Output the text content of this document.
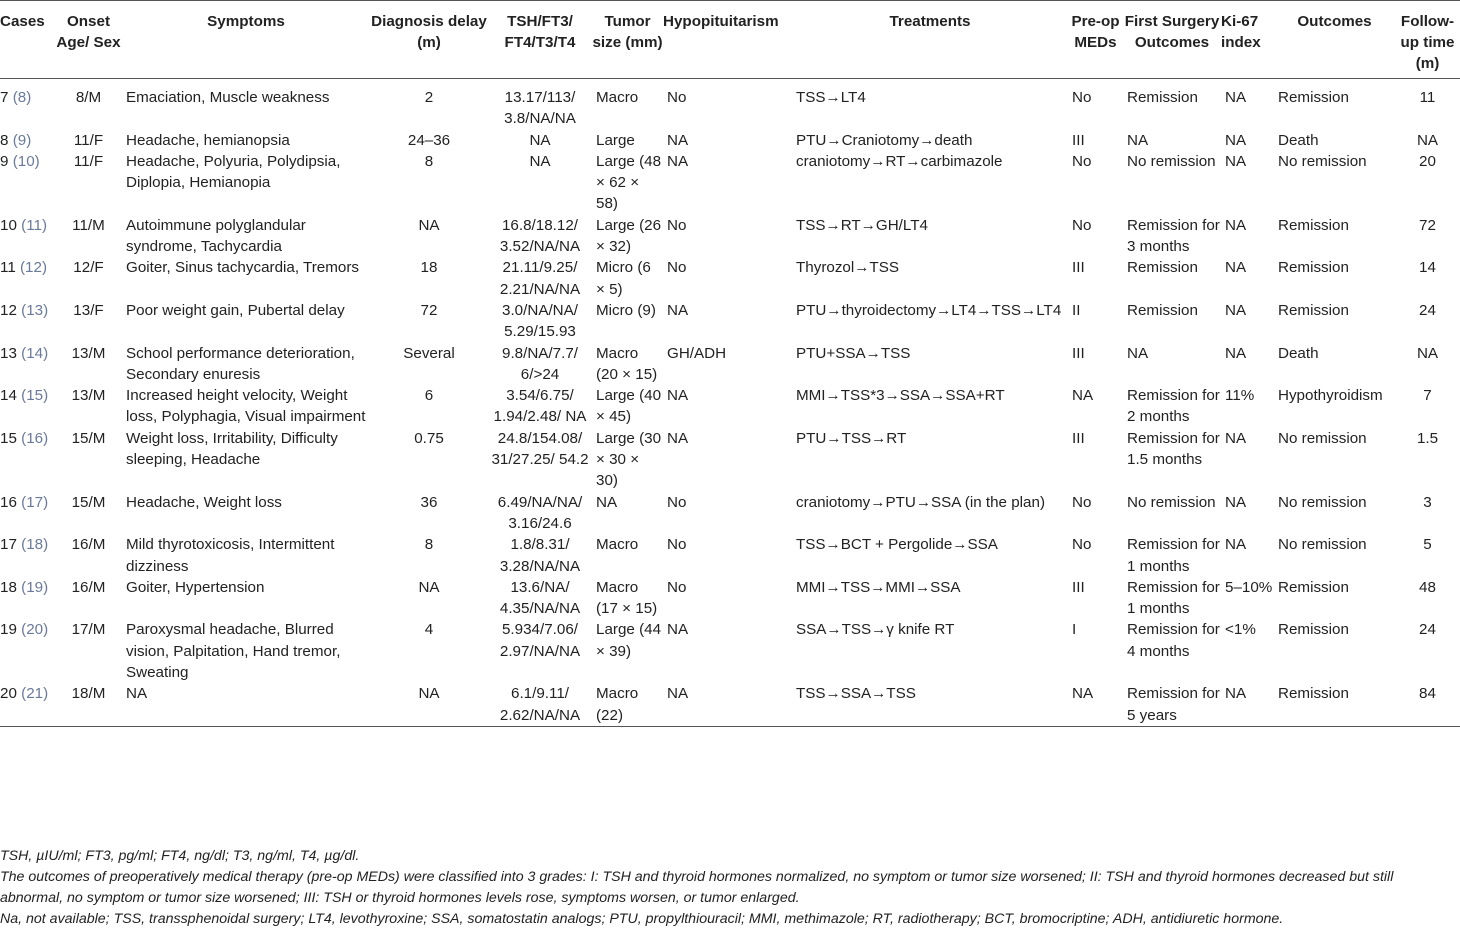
Cases	Onset Age/ Sex	Symptoms	Diagnosis delay (m)	TSH/FT3/ FT4/T3/T4	Tumor size (mm)	Hypopituitarism	Treatments	Pre-op MEDs	First Surgery Outcomes	Ki-67 index	Outcomes	Follow-up time (m)
7 (8)	8/M	Emaciation, Muscle weakness	2	13.17/113/ 3.8/NA/NA	Macro	No	TSS→LT4	No	Remission	NA	Remission	11
8 (9)	11/F	Headache, hemianopsia	24–36	NA	Large	NA	PTU→Craniotomy→death	III	NA	NA	Death	NA
9 (10)	11/F	Headache, Polyuria, Polydipsia, Diplopia, Hemianopia	8	NA	Large (48 × 62 × 58)	NA	craniotomy→RT→carbimazole	No	No remission	NA	No remission	20
10 (11)	11/M	Autoimmune polyglandular syndrome, Tachycardia	NA	16.8/18.12/ 3.52/NA/NA	Large (26 × 32)	No	TSS→RT→GH/LT4	No	Remission for 3 months	NA	Remission	72
11 (12)	12/F	Goiter, Sinus tachycardia, Tremors	18	21.11/9.25/ 2.21/NA/NA	Micro (6 × 5)	No	Thyrozol→TSS	III	Remission	NA	Remission	14
12 (13)	13/F	Poor weight gain, Pubertal delay	72	3.0/NA/NA/ 5.29/15.93	Micro (9)	NA	PTU→thyroidectomy→LT4→TSS→LT4	II	Remission	NA	Remission	24
13 (14)	13/M	School performance deterioration, Secondary enuresis	Several	9.8/NA/7.7/ 6/>24	Macro (20 × 15)	GH/ADH	PTU+SSA→TSS	III	NA	NA	Death	NA
14 (15)	13/M	Increased height velocity, Weight loss, Polyphagia, Visual impairment	6	3.54/6.75/ 1.94/2.48/ NA	Large (40 × 45)	NA	MMI→TSS*3→SSA→SSA+RT	NA	Remission for 2 months	11%	Hypothyroidism	7
15 (16)	15/M	Weight loss, Irritability, Difficulty sleeping, Headache	0.75	24.8/154.08/ 31/27.25/ 54.2	Large (30 × 30 × 30)	NA	PTU→TSS→RT	III	Remission for 1.5 months	NA	No remission	1.5
16 (17)	15/M	Headache, Weight loss	36	6.49/NA/NA/ 3.16/24.6	NA	No	craniotomy→PTU→SSA (in the plan)	No	No remission	NA	No remission	3
17 (18)	16/M	Mild thyrotoxicosis, Intermittent dizziness	8	1.8/8.31/ 3.28/NA/NA	Macro	No	TSS→BCT + Pergolide→SSA	No	Remission for 1 months	NA	No remission	5
18 (19)	16/M	Goiter, Hypertension	NA	13.6/NA/ 4.35/NA/NA	Macro (17 × 15)	No	MMI→TSS→MMI→SSA	III	Remission for 1 months	5–10%	Remission	48
19 (20)	17/M	Paroxysmal headache, Blurred vision, Palpitation, Hand tremor, Sweating	4	5.934/7.06/ 2.97/NA/NA	Large (44 × 39)	NA	SSA→TSS→γ knife RT	I	Remission for 4 months	<1%	Remission	24
20 (21)	18/M	NA	NA	6.1/9.11/ 2.62/NA/NA	Macro (22)	NA	TSS→SSA→TSS	NA	Remission for 5 years	NA	Remission	84
TSH, µIU/ml; FT3, pg/ml; FT4, ng/dl; T3, ng/ml, T4, µg/dl.
The outcomes of preoperatively medical therapy (pre-op MEDs) were classified into 3 grades: I: TSH and thyroid hormones normalized, no symptom or tumor size worsened; II: TSH and thyroid hormones decreased but still abnormal, no symptom or tumor size worsened; III: TSH or thyroid hormones levels rose, symptoms worsen, or tumor enlarged.
Na, not available; TSS, transsphenoidal surgery; LT4, levothyroxine; SSA, somatostatin analogs; PTU, propylthiouracil; MMI, methimazole; RT, radiotherapy; BCT, bromocriptine; ADH, antidiuretic hormone.
